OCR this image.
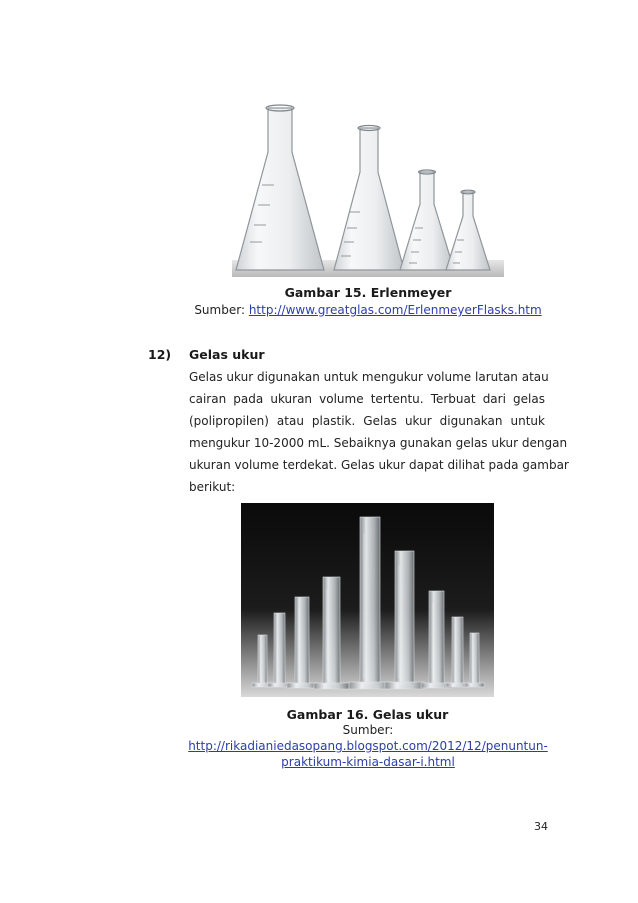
Gambar 15. Erlenmeyer
Sumber: http://www.greatglas.com/ErlenmeyerFlasks.htm
12) Gelas ukur
Gelas ukur digunakan untuk mengukur volume larutan atau
cairan pada ukuran volume tertentu. Terbuat dari gelas
(polipropilen) atau plastik. Gelas ukur digunakan untuk
mengukur 10-2000 mL. Sebaiknya gunakan gelas ukur dengan
ukuran volume terdekat. Gelas ukur dapat dilihat pada gambar
berikut:
Gambar 16. Gelas ukur
Sumber:
http://rikadianiedasopang.blogspot.com/2012/12/penuntun-
praktikum-kimia-dasar-i.html
34
